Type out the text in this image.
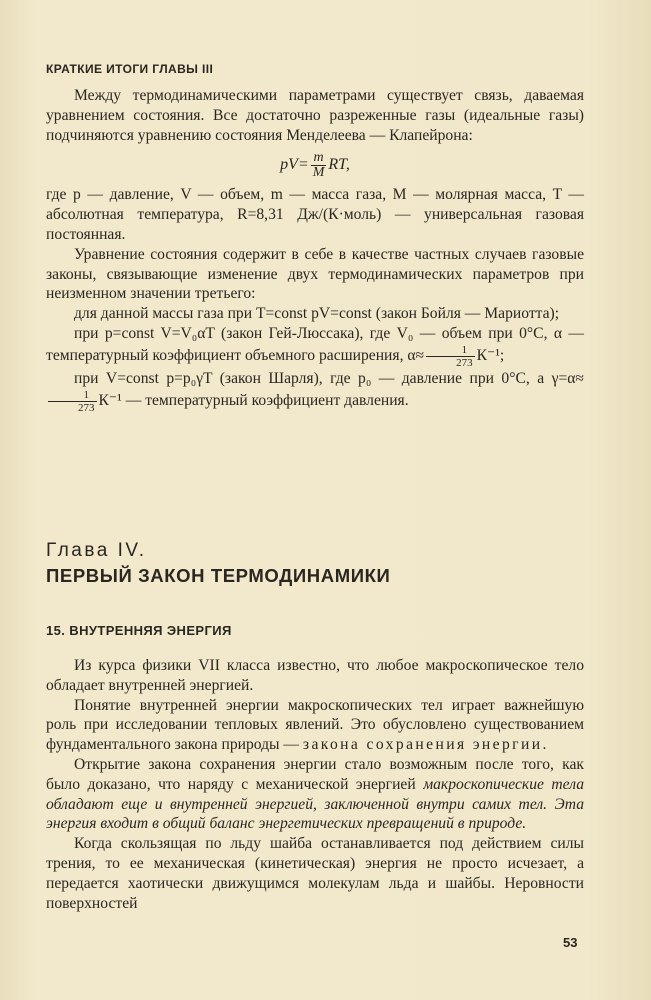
КРАТКИЕ ИТОГИ ГЛАВЫ III

Между термодинамическими параметрами существует связь, даваемая уравнением состояния. Все достаточно разреженные газы (идеальные газы) подчиняются уравнению состояния Менделеева — Клапейрона:

$pV= \frac{m}{M}$ RT,

где p — давление, V — объем, m — масса газа, M — молярная масса, T — абсолютная температура, R=8,31 Дж/(К·моль) — универсальная газовая постоянная.

Уравнение состояния содержит в себе в качестве частных случаев газовые законы, связывающие изменение двух термодинамических параметров при неизменном значении третьего:

для данной массы газа при T=const pV=const (закон Бойля — Мариотта);

при p=const V=V₀αT (закон Гей-Люссака), где V₀ — объем при 0°С, α — температурный коэффициент объемного расширения, $\alpha\approx \frac{1}{273} К^{-1}$;

при V=const p=p₀γT (закон Шарля), где p₀ — давление при 0°С, а γ=α≈
$\frac{1}{273} К^{-1}$ — температурный коэффициент давления.

Глава IV.
ПЕРВЫЙ ЗАКОН ТЕРМОДИНАМИКИ
15. ВНУТРЕННЯЯ ЭНЕРГИЯ

Из курса физики VII класса известно, что любое макроскопическое тело обладает внутренней энергией.

Понятие внутренней энергии макроскопических тел играет важнейшую роль при исследовании тепловых явлений. Это обусловлено существованием фундаментального закона природы — закона сохранения энергии.

Открытие закона сохранения энергии стало возможным после того, как было доказано, что наряду с механической энергией макроскопические тела обладают еще и внутренней энергией, заключенной внутри самих тел. Эта энергия входит в общий баланс энергетических превращений в природе.

Когда скользящая по льду шайба останавливается под действием силы трения, то ее механическая (кинетическая) энергия не просто исчезает, а передается хаотически движущимся молекулам льда и шайбы. Неровности поверхностей

53
